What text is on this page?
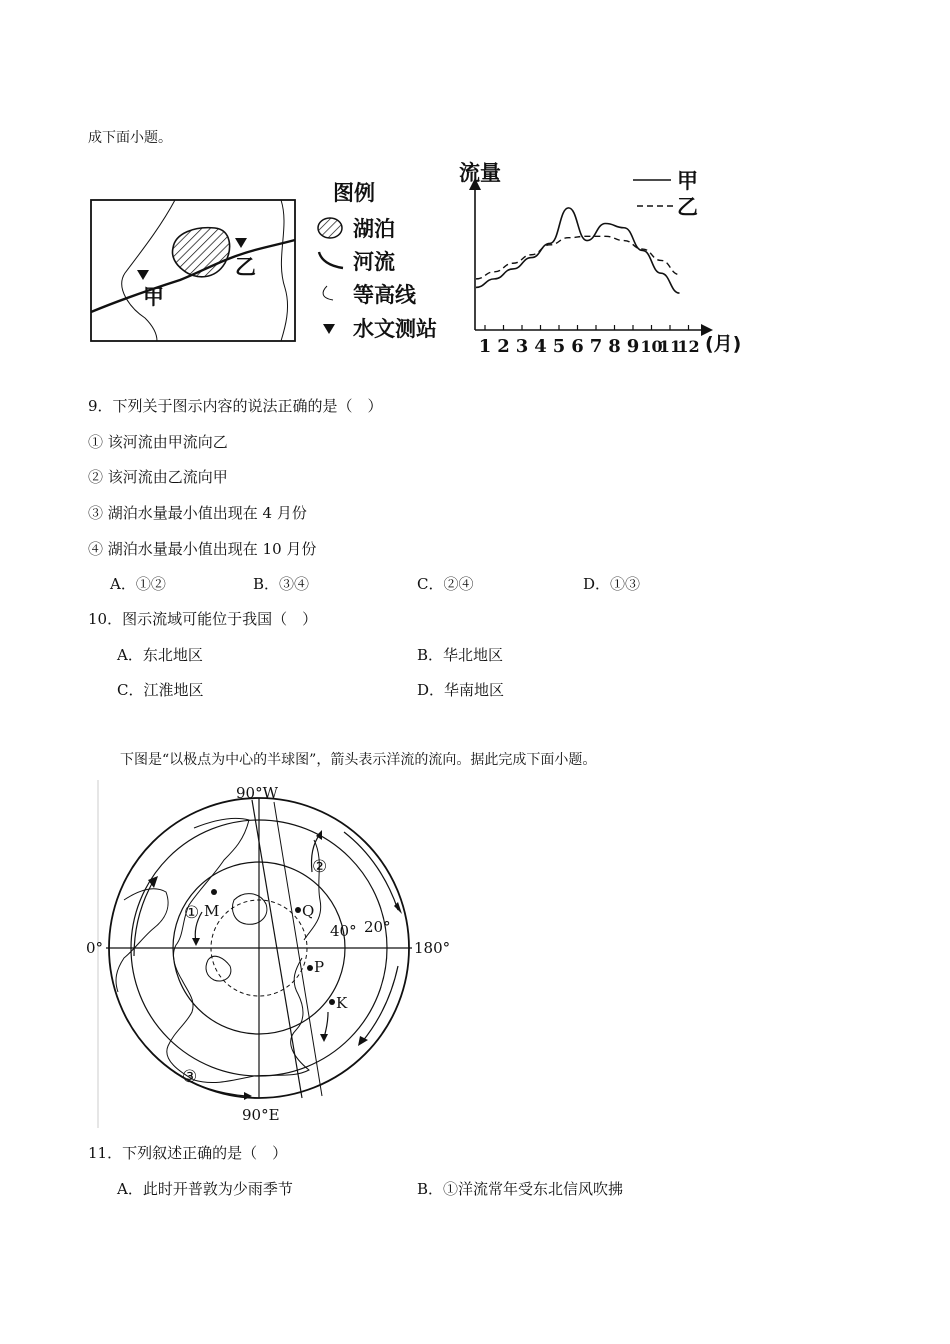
成下面小题。
甲
乙
图例
湖泊
河流
等高线
水文测站
流量
1 2 3 4 5 6 7 8 9 10
11
12 (月)
甲
乙
9．下列关于图示内容的说法正确的是（　）
① 该河流由甲流向乙
② 该河流由乙流向甲
③ 湖泊水量最小值出现在 4 月份
④ 湖泊水量最小值出现在 10 月份
A．①②	B．③④	C．②④	D．①③
10．图示流域可能位于我国（　）
A．东北地区	B．华北地区
C．江淮地区	D．华南地区
下图是“以极点为中心的半球图”，箭头表示洋流的流向。据此完成下面小题。
90°W
90°E
0°	180°
40° 20°
①
②
③
M	Q
P
K
11．下列叙述正确的是（　）
A．此时开普敦为少雨季节	B．①洋流常年受东北信风吹拂
